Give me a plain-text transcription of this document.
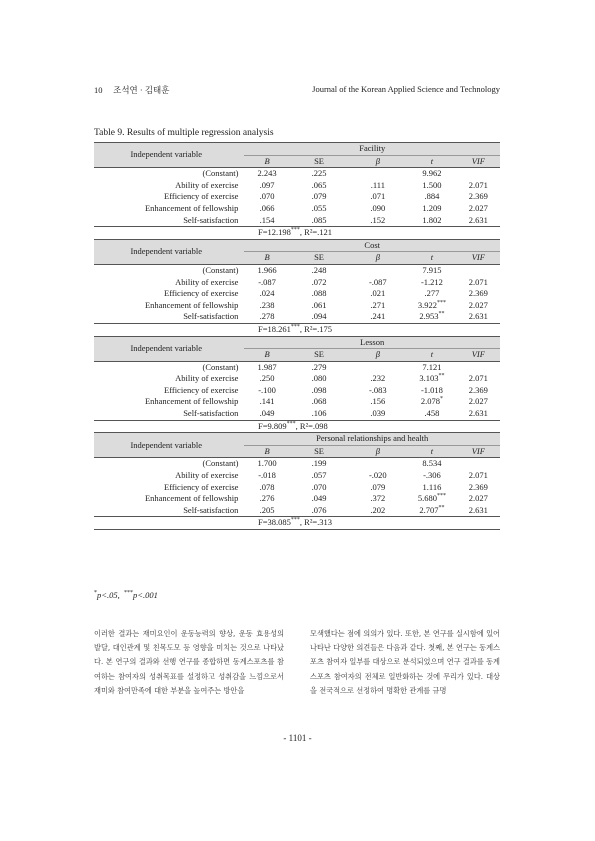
10 조석연 · 김태훈	Journal of the Korean Applied Science and Technology
Table 9. Results of multiple regression analysis
Independent variable	Facility				
	B	SE	β	t	VIF
(Constant)	2.243	.225		9.962	
Ability of exercise	.097	.065	.111	1.500	2.071
Efficiency of exercise	.070	.079	.071	.884	2.369
Enhancement of fellowship	.066	.055	.090	1.209	2.027
Self-satisfaction	.154	.085	.152	1.802	2.631
F=12.198***, R²=.121					
Independent variable	Cost				
	B	SE	β	t	VIF
(Constant)	1.966	.248		7.915	
Ability of exercise	-.087	.072	-.087	-1.212	2.071
Efficiency of exercise	.024	.088	.021	.277	2.369
Enhancement of fellowship	.238	.061	.271	3.922***	2.027
Self-satisfaction	.278	.094	.241	2.953**	2.631
F=18.261***, R²=.175					
Independent variable	Lesson				
	B	SE	β	t	VIF
(Constant)	1.987	.279		7.121	
Ability of exercise	.250	.080	.232	3.103**	2.071
Efficiency of exercise	-.100	.098	-.083	-1.018	2.369
Enhancement of fellowship	.141	.068	.156	2.078*	2.027
Self-satisfaction	.049	.106	.039	.458	2.631
F=9.809***, R²=.098					
Independent variable	Personal relationships and health				
	B	SE	β	t	VIF
(Constant)	1.700	.199		8.534	
Ability of exercise	-.018	.057	-.020	-.306	2.071
Efficiency of exercise	.078	.070	.079	1.116	2.369
Enhancement of fellowship	.276	.049	.372	5.680***	2.027
Self-satisfaction	.205	.076	.202	2.707**	2.631
F=38.085***, R²=.313					
*p<.05, ***p<.001
이러한 결과는 재미요인이 운동능력의 향상, 운동 효용성의 발달, 대인관계 및 친목도모 등 영향을 미치는 것으로 나타났다. 본 연구의 결과와 선행 연구를 종합하면 동계스포츠를 참여하는 참여자의 성취목표를 설정하고 성취감을 느낌으로서 재미와 참여만족에 대한 부분을 높여주는 방안을
모색했다는 점에 의의가 있다. 또한, 본 연구를 실시함에 있어 나타난 다양한 의견들은 다음과 같다. 첫째, 본 연구는 동계스포츠 참여자 일부를 대상으로 분석되었으며 연구 결과를 동계스포츠 참여자의 전체로 일반화하는 것에 무리가 있다. 대상을 전국적으로 선정하여 명확한 관계를 규명
- 1101 -
